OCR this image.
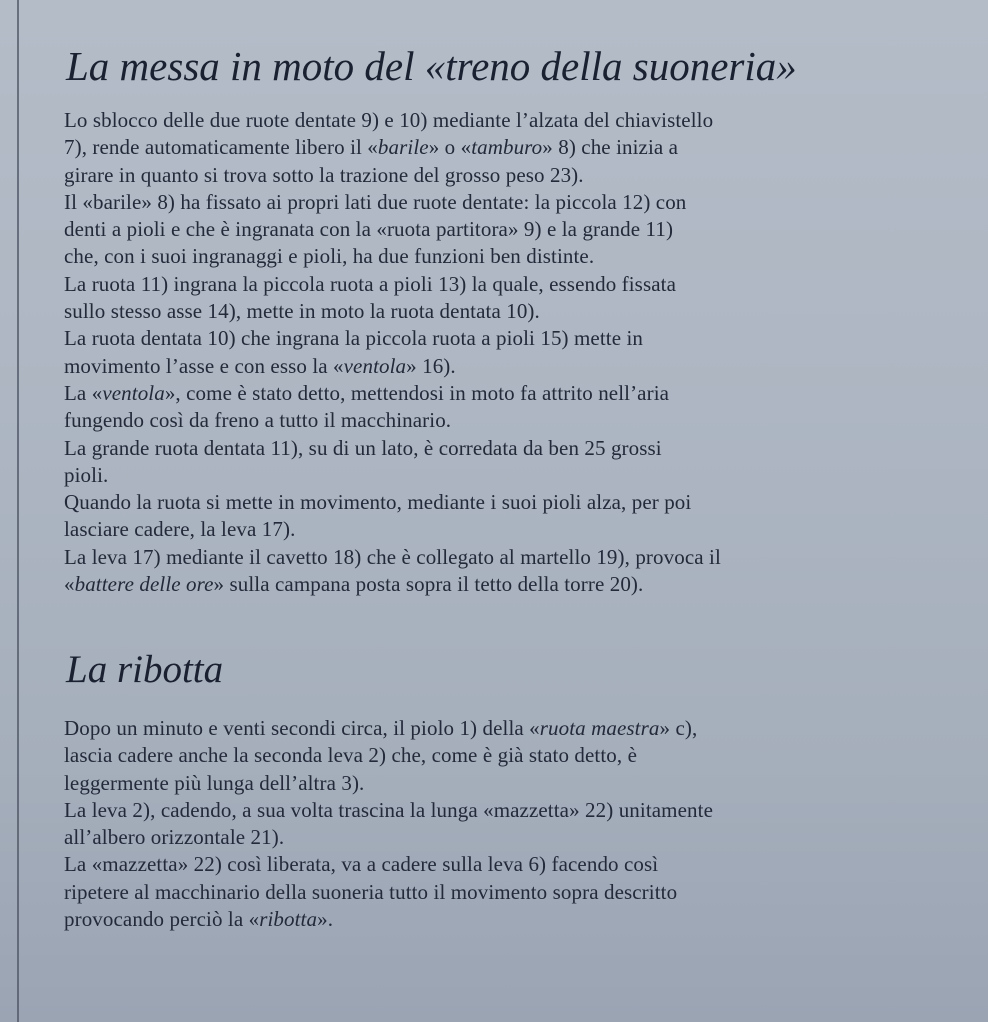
La messa in moto del «treno della suoneria»
Lo sblocco delle due ruote dentate 9) e 10) mediante l’alzata del chiavistello
7), rende automaticamente libero il «barile» o «tamburo» 8) che inizia a
girare in quanto si trova sotto la trazione del grosso peso 23).
Il «barile» 8) ha fissato ai propri lati due ruote dentate: la piccola 12) con
denti a pioli e che è ingranata con la «ruota partitora» 9) e la grande 11)
che, con i suoi ingranaggi e pioli, ha due funzioni ben distinte.
La ruota 11) ingrana la piccola ruota a pioli 13) la quale, essendo fissata
sullo stesso asse 14), mette in moto la ruota dentata 10).
La ruota dentata 10) che ingrana la piccola ruota a pioli 15) mette in
movimento l’asse e con esso la «ventola» 16).
La «ventola», come è stato detto, mettendosi in moto fa attrito nell’aria
fungendo così da freno a tutto il macchinario.
La grande ruota dentata 11), su di un lato, è corredata da ben 25 grossi
pioli.
Quando la ruota si mette in movimento, mediante i suoi pioli alza, per poi
lasciare cadere, la leva 17).
La leva 17) mediante il cavetto 18) che è collegato al martello 19), provoca il
«battere delle ore» sulla campana posta sopra il tetto della torre 20).
La ribotta
Dopo un minuto e venti secondi circa, il piolo 1) della «ruota maestra» c),
lascia cadere anche la seconda leva 2) che, come è già stato detto, è
leggermente più lunga dell’altra 3).
La leva 2), cadendo, a sua volta trascina la lunga «mazzetta» 22) unitamente
all’albero orizzontale 21).
La «mazzetta» 22) così liberata, va a cadere sulla leva 6) facendo così
ripetere al macchinario della suoneria tutto il movimento sopra descritto
provocando perciò la «ribotta».
